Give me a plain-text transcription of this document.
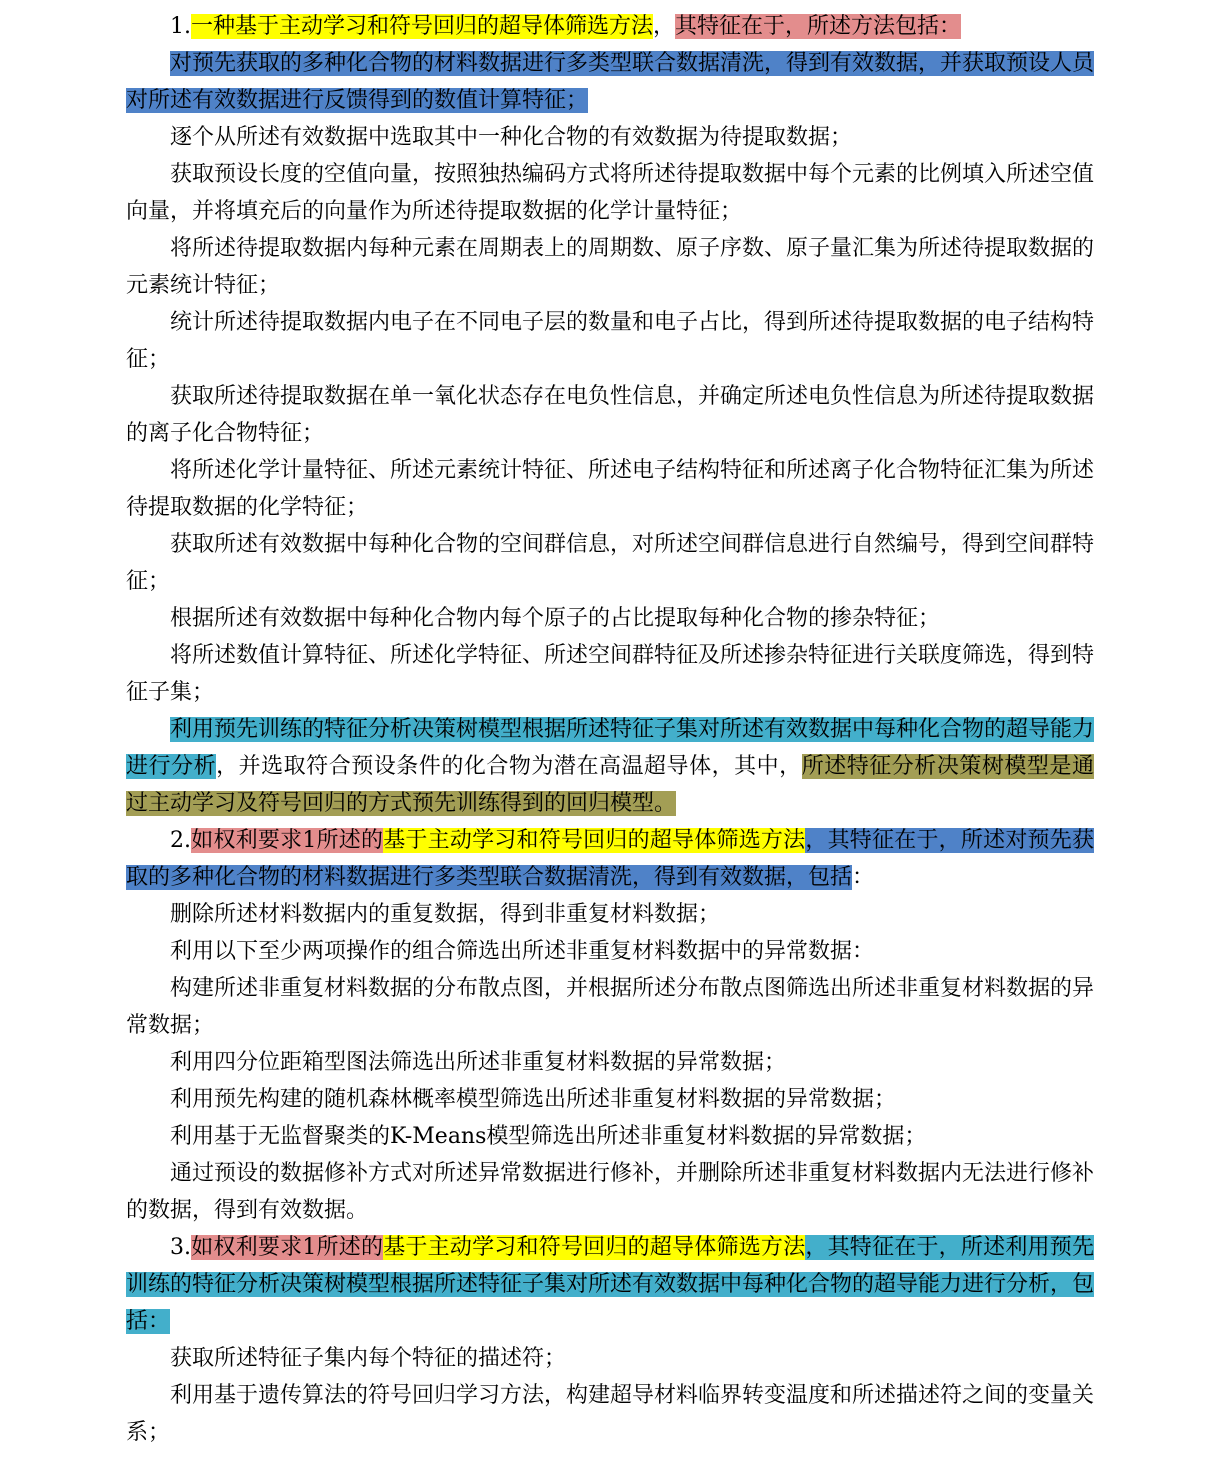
1.一种基于主动学习和符号回归的超导体筛选方法，其特征在于，所述方法包括：

对预先获取的多种化合物的材料数据进行多类型联合数据清洗，得到有效数据，并获取预设人员对所述有效数据进行反馈得到的数值计算特征；

逐个从所述有效数据中选取其中一种化合物的有效数据为待提取数据；

获取预设长度的空值向量，按照独热编码方式将所述待提取数据中每个元素的比例填入所述空值向量，并将填充后的向量作为所述待提取数据的化学计量特征；

将所述待提取数据内每种元素在周期表上的周期数、原子序数、原子量汇集为所述待提取数据的元素统计特征；

统计所述待提取数据内电子在不同电子层的数量和电子占比，得到所述待提取数据的电子结构特征；

获取所述待提取数据在单一氧化状态存在电负性信息，并确定所述电负性信息为所述待提取数据的离子化合物特征；

将所述化学计量特征、所述元素统计特征、所述电子结构特征和所述离子化合物特征汇集为所述待提取数据的化学特征；

获取所述有效数据中每种化合物的空间群信息，对所述空间群信息进行自然编号，得到空间群特征；

根据所述有效数据中每种化合物内每个原子的占比提取每种化合物的掺杂特征；

将所述数值计算特征、所述化学特征、所述空间群特征及所述掺杂特征进行关联度筛选，得到特征子集；

利用预先训练的特征分析决策树模型根据所述特征子集对所述有效数据中每种化合物的超导能力进行分析，并选取符合预设条件的化合物为潜在高温超导体，其中，所述特征分析决策树模型是通过主动学习及符号回归的方式预先训练得到的回归模型。

2.如权利要求1所述的基于主动学习和符号回归的超导体筛选方法，其特征在于，所述对预先获取的多种化合物的材料数据进行多类型联合数据清洗，得到有效数据，包括：

删除所述材料数据内的重复数据，得到非重复材料数据；

利用以下至少两项操作的组合筛选出所述非重复材料数据中的异常数据：

构建所述非重复材料数据的分布散点图，并根据所述分布散点图筛选出所述非重复材料数据的异常数据；

利用四分位距箱型图法筛选出所述非重复材料数据的异常数据；

利用预先构建的随机森林概率模型筛选出所述非重复材料数据的异常数据；

利用基于无监督聚类的K-Means模型筛选出所述非重复材料数据的异常数据；

通过预设的数据修补方式对所述异常数据进行修补，并删除所述非重复材料数据内无法进行修补的数据，得到有效数据。

3.如权利要求1所述的基于主动学习和符号回归的超导体筛选方法，其特征在于，所述利用预先训练的特征分析决策树模型根据所述特征子集对所述有效数据中每种化合物的超导能力进行分析，包括：

获取所述特征子集内每个特征的描述符；

利用基于遗传算法的符号回归学习方法，构建超导材料临界转变温度和所述描述符之间的变量关系；
